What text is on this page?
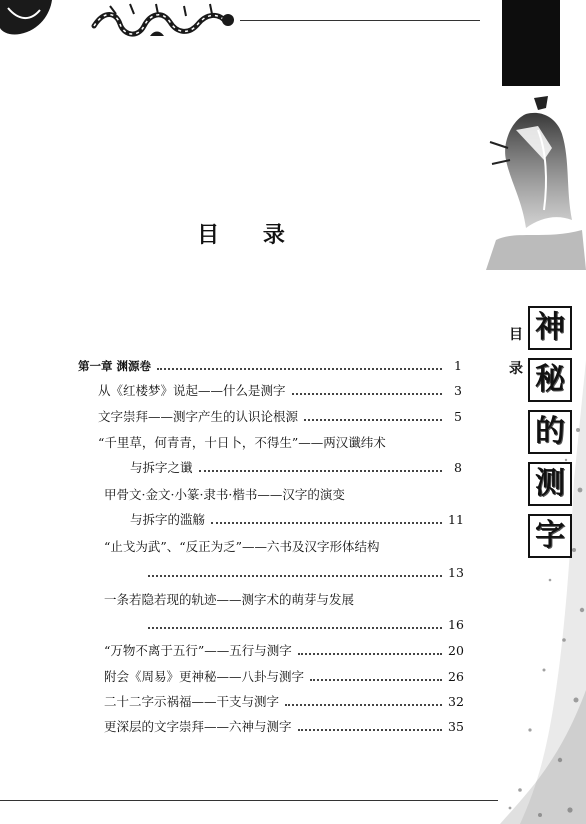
目
录
神
秘
的
测
字
目 录
第一章 渊源卷	1
从《红楼梦》说起——什么是测字	3
文字崇拜——测字产生的认识论根源	5
“千里草，何青青，十日卜，不得生”——两汉谶纬术
与拆字之谶	8
甲骨文·金文·小篆·隶书·楷书——汉字的演变
与拆字的滥觞	11
“止戈为武”、“反正为乏”——六书及汉字形体结构
13
一条若隐若现的轨迹——测字术的萌芽与发展
16
“万物不离于五行”——五行与测字	20
附会《周易》更神秘——八卦与测字	26
二十二字示祸福——干支与测字	32
更深层的文字崇拜——六神与测字	35
